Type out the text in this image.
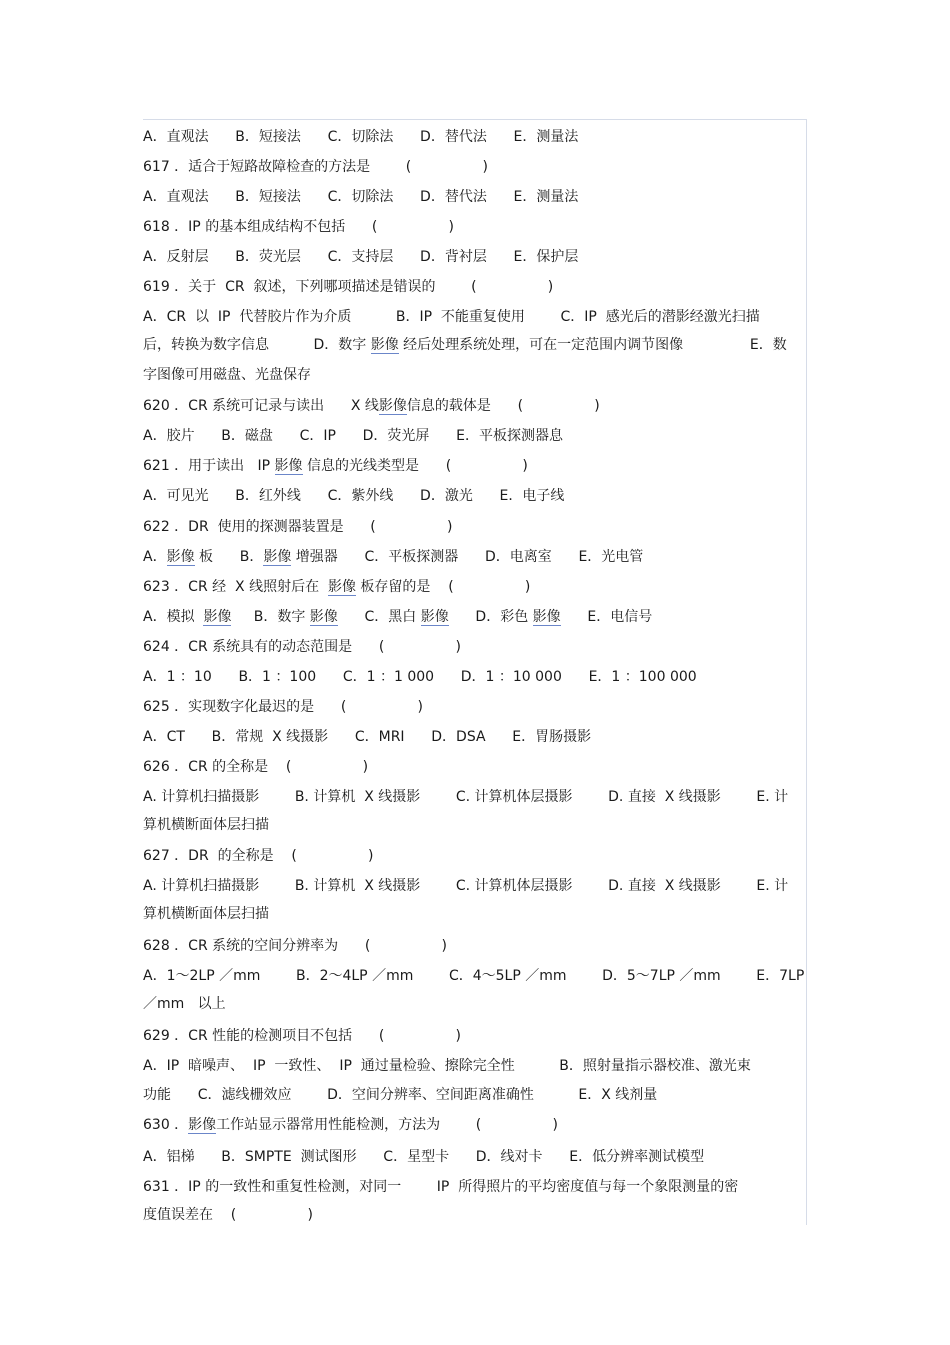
A．直观法      B．短接法      C．切除法      D．替代法      E．测量法
617 ．适合于短路故障检查的方法是        (                )
A．直观法      B．短接法      C．切除法      D．替代法      E．测量法
618 ．IP 的基本组成结构不包括      (                )
A．反射层      B．荧光层      C．支持层      D．背衬层      E．保护层
619 ．关于  CR  叙述，下列哪项描述是错误的        (                )
A．CR  以  IP  代替胶片作为介质          B．IP  不能重复使用        C．IP  感光后的潜影经激光扫描
后，转换为数字信息          D．数字 影像 经后处理系统处理，可在一定范围内调节图像               E．数
字图像可用磁盘、光盘保存
620 ．CR 系统可记录与读出      X 线影像信息的载体是      (                )
A．胶片      B．磁盘      C．IP      D．荧光屏      E．平板探测器息
621 ．用于读出   IP 影像 信息的光线类型是      (                )
A．可见光      B．红外线      C．紫外线      D．激光      E．电子线
622 ．DR  使用的探测器装置是      (                )
A．影像 板      B．影像 增强器      C．平板探测器      D．电离室      E．光电管
623 ．CR 经  X 线照射后在  影像 板存留的是    (                )
A．模拟  影像     B．数字 影像      C．黑白 影像      D．彩色 影像      E．电信号
624 ．CR 系统具有的动态范围是      (                )
A．1 ：10      B．1 ：100      C．1 ：1 000      D．1 ：10 000      E．1 ：100 000
625 ．实现数字化最迟的是      (                )
A．CT      B．常规  X 线摄影      C．MRI      D．DSA      E．胃肠摄影
626 ．CR 的全称是    (                )
A. 计算机扫描摄影        B. 计算机  X 线摄影        C. 计算机体层摄影        D. 直接  X 线摄影        E. 计
算机横断面体层扫描
627 ．DR  的全称是    (                )
A. 计算机扫描摄影        B. 计算机  X 线摄影        C. 计算机体层摄影        D. 直接  X 线摄影        E. 计
算机横断面体层扫描
628 ．CR 系统的空间分辨率为      (                )
A．1～2LP ／mm        B．2～4LP ／mm        C．4～5LP ／mm        D．5～7LP ／mm        E．7LP
／mm   以上
629 ．CR 性能的检测项目不包括      (                )
A．IP  暗噪声、  IP  一致性、  IP  通过量检验、擦除完全性          B．照射量指示器校准、激光束
功能      C．滤线栅效应        D．空间分辨率、空间距离准确性          E．X 线剂量
630 ．影像工作站显示器常用性能检测，方法为        (                )
A．铝梯      B．SMPTE  测试图形      C．星型卡      D．线对卡      E．低分辨率测试模型
631 ．IP 的一致性和重复性检测，对同一        IP  所得照片的平均密度值与每一个象限测量的密
度值误差在    (                )
